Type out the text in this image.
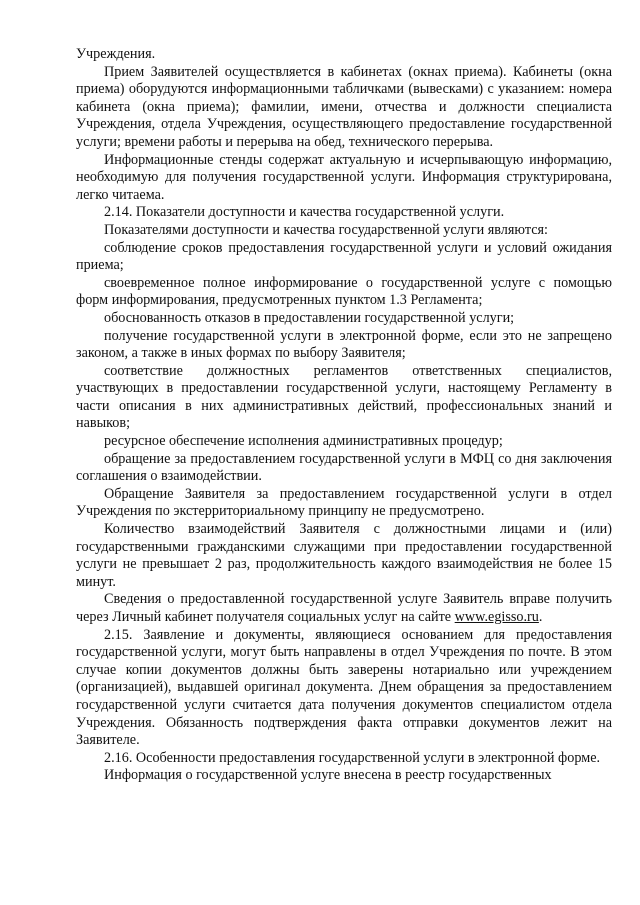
Учреждения.

Прием Заявителей осуществляется в кабинетах (окнах приема). Кабинеты (окна приема) оборудуются информационными табличками (вывесками) с указанием: номера кабинета (окна приема); фамилии, имени, отчества и должности специалиста Учреждения, отдела Учреждения, осуществляющего предоставление государственной услуги; времени работы и перерыва на обед, технического перерыва.

Информационные стенды содержат актуальную и исчерпывающую информацию, необходимую для получения государственной услуги. Информация структурирована, легко читаема.

2.14. Показатели доступности и качества государственной услуги.

Показателями доступности и качества государственной услуги являются:

соблюдение сроков предоставления государственной услуги и условий ожидания приема;

своевременное полное информирование о государственной услуге с помощью форм информирования, предусмотренных пунктом 1.3 Регламента;

обоснованность отказов в предоставлении государственной услуги;

получение государственной услуги в электронной форме, если это не запрещено законом, а также в иных формах по выбору Заявителя;

соответствие должностных регламентов ответственных специалистов, участвующих в предоставлении государственной услуги, настоящему Регламенту в части описания в них административных действий, профессиональных знаний и навыков;

ресурсное обеспечение исполнения административных процедур;

обращение за предоставлением государственной услуги в МФЦ со дня заключения соглашения о взаимодействии.

Обращение Заявителя за предоставлением государственной услуги в отдел Учреждения по экстерриториальному принципу не предусмотрено.

Количество взаимодействий Заявителя с должностными лицами и (или) государственными гражданскими служащими при предоставлении государственной услуги не превышает 2 раз, продолжительность каждого взаимодействия не более 15 минут.

Сведения о предоставленной государственной услуге Заявитель вправе получить через Личный кабинет получателя социальных услуг на сайте www.egisso.ru.

2.15. Заявление и документы, являющиеся основанием для предоставления государственной услуги, могут быть направлены в отдел Учреждения по почте. В этом случае копии документов должны быть заверены нотариально или учреждением (организацией), выдавшей оригинал документа. Днем обращения за предоставлением государственной услуги считается дата получения документов специалистом отдела Учреждения. Обязанность подтверждения факта отправки документов лежит на Заявителе.

2.16. Особенности предоставления государственной услуги в электронной форме.

Информация о государственной услуге внесена в реестр государственных
